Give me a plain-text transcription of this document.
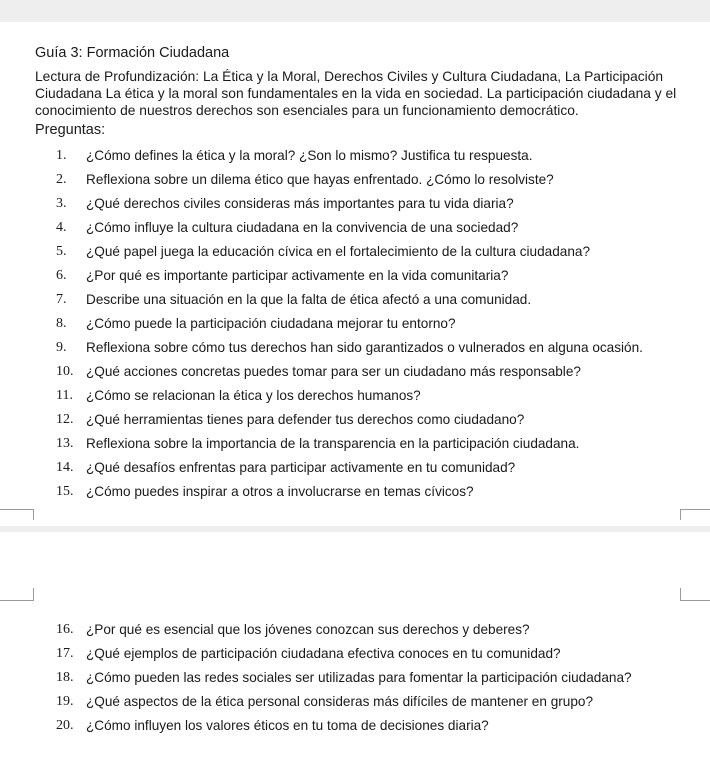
Guía 3: Formación Ciudadana
Lectura de Profundización: La Ética y la Moral, Derechos Civiles y Cultura Ciudadana, La Participación Ciudadana La ética y la moral son fundamentales en la vida en sociedad. La participación ciudadana y el conocimiento de nuestros derechos son esenciales para un funcionamiento democrático.
Preguntas:
1. ¿Cómo defines la ética y la moral? ¿Son lo mismo? Justifica tu respuesta.
2. Reflexiona sobre un dilema ético que hayas enfrentado. ¿Cómo lo resolviste?
3. ¿Qué derechos civiles consideras más importantes para tu vida diaria?
4. ¿Cómo influye la cultura ciudadana en la convivencia de una sociedad?
5. ¿Qué papel juega la educación cívica en el fortalecimiento de la cultura ciudadana?
6. ¿Por qué es importante participar activamente en la vida comunitaria?
7. Describe una situación en la que la falta de ética afectó a una comunidad.
8. ¿Cómo puede la participación ciudadana mejorar tu entorno?
9. Reflexiona sobre cómo tus derechos han sido garantizados o vulnerados en alguna ocasión.
10. ¿Qué acciones concretas puedes tomar para ser un ciudadano más responsable?
11. ¿Cómo se relacionan la ética y los derechos humanos?
12. ¿Qué herramientas tienes para defender tus derechos como ciudadano?
13. Reflexiona sobre la importancia de la transparencia en la participación ciudadana.
14. ¿Qué desafíos enfrentas para participar activamente en tu comunidad?
15. ¿Cómo puedes inspirar a otros a involucrarse en temas cívicos?
16. ¿Por qué es esencial que los jóvenes conozcan sus derechos y deberes?
17. ¿Qué ejemplos de participación ciudadana efectiva conoces en tu comunidad?
18. ¿Cómo pueden las redes sociales ser utilizadas para fomentar la participación ciudadana?
19. ¿Qué aspectos de la ética personal consideras más difíciles de mantener en grupo?
20. ¿Cómo influyen los valores éticos en tu toma de decisiones diaria?
